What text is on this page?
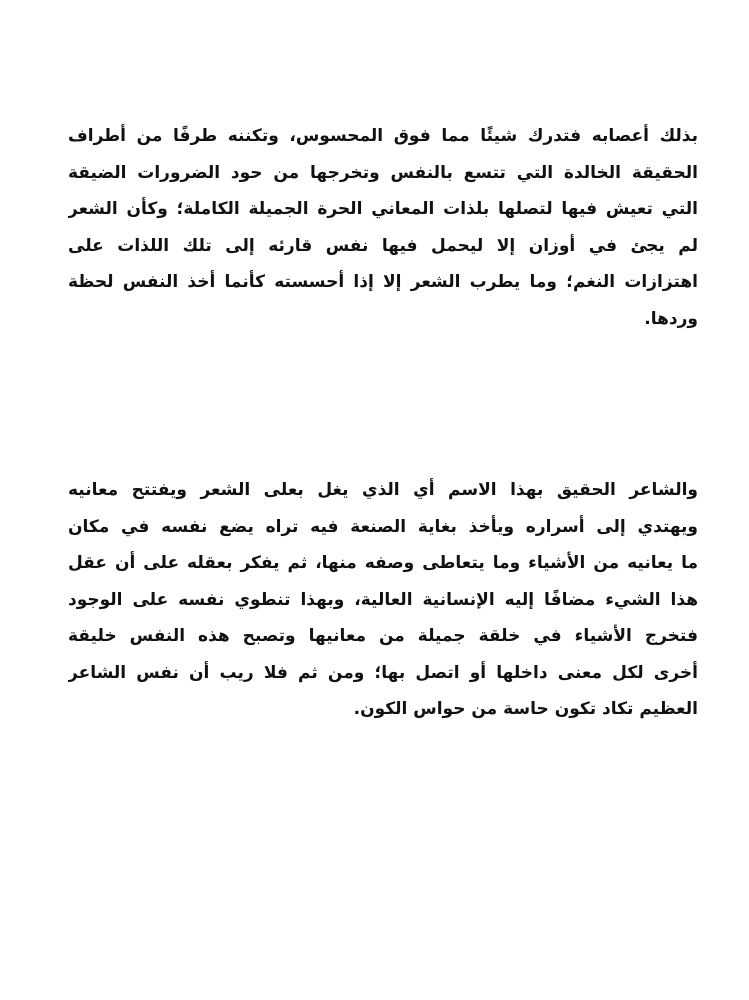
بذلك أعصابه فتدرك شيئًا مما فوق المحسوس، وتكننه طرفًا من أطراف
الحقيقة الخالدة التي تتسع بالنفس وتخرجها من حود الضرورات الضيقة
التي تعيش فيها لتصلها بلذات المعاني الحرة الجميلة الكاملة؛ وكأن الشعر
لم يجئ في أوزان إلا ليحمل فيها نفس قارئه إلى تلك اللذات على
اهتزازات النغم؛ وما يطرب الشعر إلا إذا أحسسته كأنما أخذ النفس لحظة
وردها.
والشاعر الحقيق بهذا الاسم أي الذي يغل بعلى الشعر ويفتتح معانيه
ويهتدي إلى أسراره ويأخذ بغاية الصنعة فيه تراه يضع نفسه في مكان
ما يعانيه من الأشياء وما يتعاطى وصفه منها، ثم يفكر بعقله على أن عقل
هذا الشيء مضافًا إليه الإنسانية العالية، وبهذا تنطوي نفسه على الوجود
فتخرج الأشياء في خلقة جميلة من معانيها وتصبح هذه النفس خليقة
أخرى لكل معنى داخلها أو اتصل بها؛ ومن ثم فلا ريب أن نفس الشاعر
العظيم تكاد تكون حاسة من حواس الكون.
